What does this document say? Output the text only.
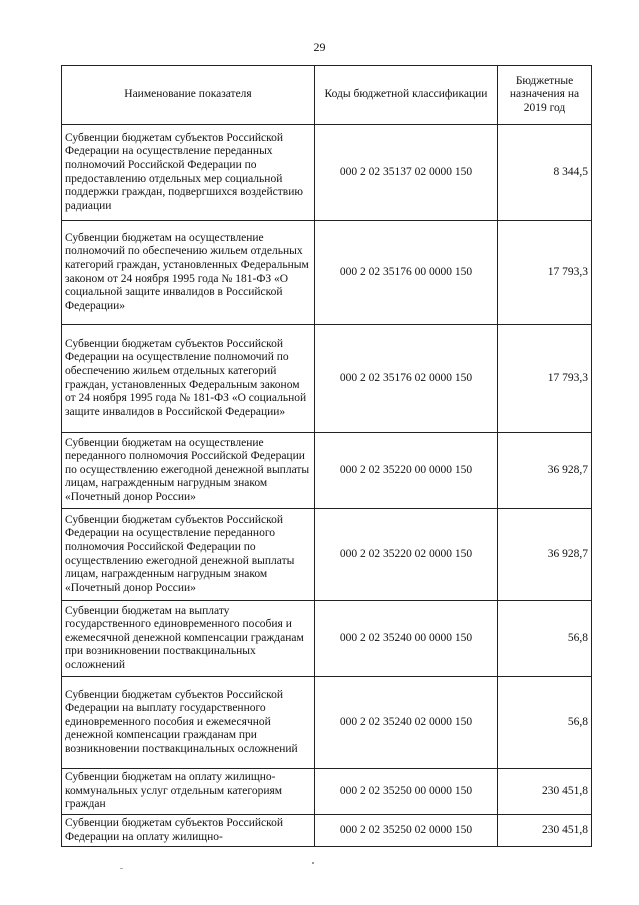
29
Наименование показателя	Коды бюджетной классификации	Бюджетные назначения на 2019 год
Субвенции бюджетам субъектов Российской Федерации на осуществление переданных полномочий Российской Федерации по предоставлению отдельных мер социальной поддержки граждан, подвергшихся воздействию радиации	000 2 02 35137 02 0000 150	8 344,5
Субвенции бюджетам на осуществление полномочий по обеспечению жильем отдельных категорий граждан, установленных Федеральным законом от 24 ноября 1995 года № 181-ФЗ «О социальной защите инвалидов в Российской Федерации»	000 2 02 35176 00 0000 150	17 793,3
Субвенции бюджетам субъектов Российской Федерации на осуществление полномочий по обеспечению жильем отдельных категорий граждан, установленных Федеральным законом от 24 ноября 1995 года № 181-ФЗ «О социальной защите инвалидов в Российской Федерации»	000 2 02 35176 02 0000 150	17 793,3
Субвенции бюджетам на осуществление переданного полномочия Российской Федерации по осуществлению ежегодной денежной выплаты лицам, награжденным нагрудным знаком «Почетный донор России»	000 2 02 35220 00 0000 150	36 928,7
Субвенции бюджетам субъектов Российской Федерации на осуществление переданного полномочия Российской Федерации по осуществлению ежегодной денежной выплаты лицам, награжденным нагрудным знаком «Почетный донор России»	000 2 02 35220 02 0000 150	36 928,7
Субвенции бюджетам на выплату государственного единовременного пособия и ежемесячной денежной компенсации гражданам при возникновении поствакцинальных осложнений	000 2 02 35240 00 0000 150	56,8
Субвенции бюджетам субъектов Российской Федерации на выплату государственного единовременного пособия и ежемесячной денежной компенсации гражданам при возникновении поствакцинальных осложнений	000 2 02 35240 02 0000 150	56,8
Субвенции бюджетам на оплату жилищно-коммунальных услуг отдельным категориям граждан	000 2 02 35250 00 0000 150	230 451,8
Субвенции бюджетам субъектов Российской Федерации на оплату жилищно-	000 2 02 35250 02 0000 150	230 451,8
